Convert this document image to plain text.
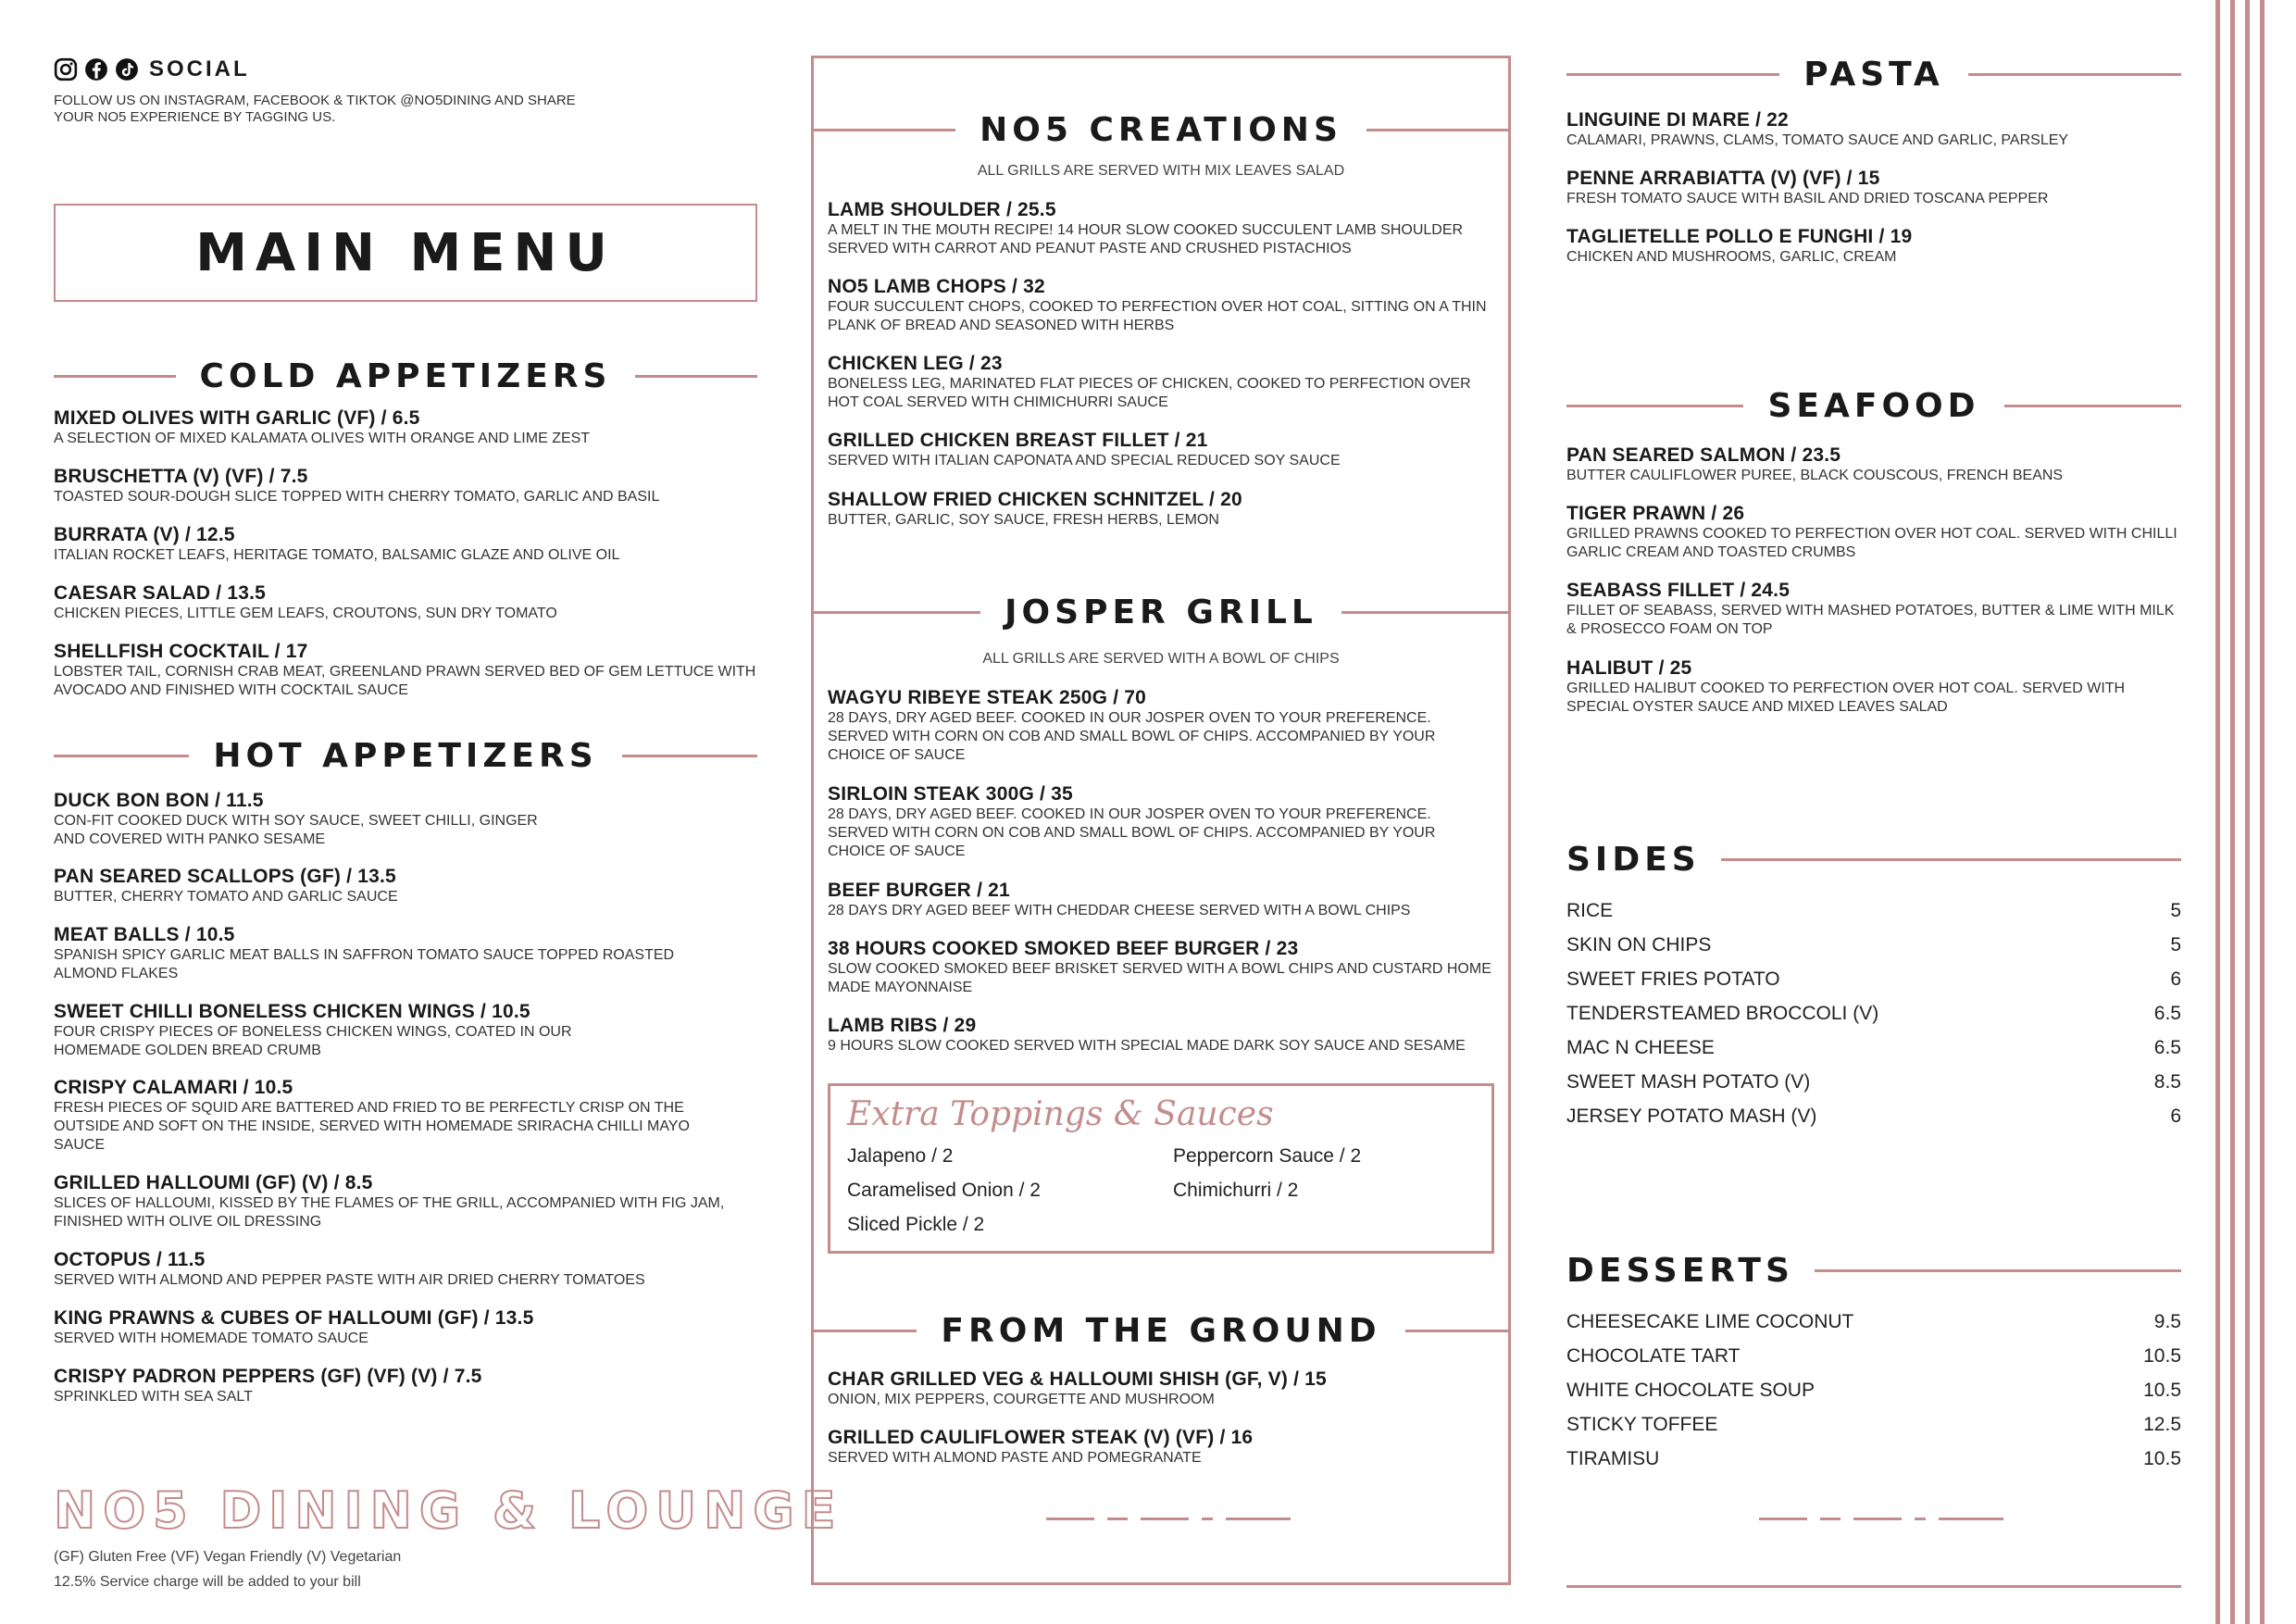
SOCIAL
FOLLOW US ON INSTAGRAM, FACEBOOK & TIKTOK @NO5DINING AND SHARE YOUR NO5 EXPERIENCE BY TAGGING US.
MAIN MENU
COLD APPETIZERS
MIXED OLIVES WITH GARLIC (VF) / 6.5
A SELECTION OF MIXED KALAMATA OLIVES WITH ORANGE AND LIME ZEST
BRUSCHETTA (V) (VF) / 7.5
TOASTED SOUR-DOUGH SLICE TOPPED WITH CHERRY TOMATO, GARLIC AND BASIL
BURRATA (V) / 12.5
ITALIAN ROCKET LEAFS, HERITAGE TOMATO, BALSAMIC GLAZE AND OLIVE OIL
CAESAR SALAD / 13.5
CHICKEN PIECES, LITTLE GEM LEAFS, CROUTONS, SUN DRY TOMATO
SHELLFISH COCKTAIL / 17
LOBSTER TAIL, CORNISH CRAB MEAT, GREENLAND PRAWN SERVED BED OF GEM LETTUCE WITH AVOCADO AND FINISHED WITH COCKTAIL SAUCE
HOT APPETIZERS
DUCK BON BON / 11.5
CON-FIT COOKED DUCK WITH SOY SAUCE, SWEET CHILLI, GINGER AND COVERED WITH PANKO SESAME
PAN SEARED SCALLOPS (GF) / 13.5
BUTTER, CHERRY TOMATO AND GARLIC SAUCE
MEAT BALLS / 10.5
SPANISH SPICY GARLIC MEAT BALLS IN SAFFRON TOMATO SAUCE TOPPED ROASTED ALMOND FLAKES
SWEET CHILLI BONELESS CHICKEN WINGS / 10.5
FOUR CRISPY PIECES OF BONELESS CHICKEN WINGS, COATED IN OUR HOMEMADE GOLDEN BREAD CRUMB
CRISPY CALAMARI / 10.5
FRESH PIECES OF SQUID ARE BATTERED AND FRIED TO BE PERFECTLY CRISP ON THE OUTSIDE AND SOFT ON THE INSIDE, SERVED WITH HOMEMADE SRIRACHA CHILLI MAYO SAUCE
GRILLED HALLOUMI (GF) (V) / 8.5
SLICES OF HALLOUMI, KISSED BY THE FLAMES OF THE GRILL, ACCOMPANIED WITH FIG JAM, FINISHED WITH OLIVE OIL DRESSING
OCTOPUS / 11.5
SERVED WITH ALMOND AND PEPPER PASTE WITH AIR DRIED CHERRY TOMATOES
KING PRAWNS & CUBES OF HALLOUMI (GF) / 13.5
SERVED WITH HOMEMADE TOMATO SAUCE
CRISPY PADRON PEPPERS (GF) (VF) (V) / 7.5
SPRINKLED WITH SEA SALT
NO5 DINING & LOUNGE
(GF) Gluten Free (VF) Vegan Friendly (V) Vegetarian
12.5% Service charge will be added to your bill
NO5 CREATIONS
ALL GRILLS ARE SERVED WITH MIX LEAVES SALAD
LAMB SHOULDER / 25.5
A MELT IN THE MOUTH RECIPE! 14 HOUR SLOW COOKED SUCCULENT LAMB SHOULDER SERVED WITH CARROT AND PEANUT PASTE AND CRUSHED PISTACHIOS
NO5 LAMB CHOPS / 32
FOUR SUCCULENT CHOPS, COOKED TO PERFECTION OVER HOT COAL, SITTING ON A THIN PLANK OF BREAD AND SEASONED WITH HERBS
CHICKEN LEG / 23
BONELESS LEG, MARINATED FLAT PIECES OF CHICKEN, COOKED TO PERFECTION OVER HOT COAL SERVED WITH CHIMICHURRI SAUCE
GRILLED CHICKEN BREAST FILLET / 21
SERVED WITH ITALIAN CAPONATA AND SPECIAL REDUCED SOY SAUCE
SHALLOW FRIED CHICKEN SCHNITZEL / 20
BUTTER, GARLIC, SOY SAUCE, FRESH HERBS, LEMON
JOSPER GRILL
ALL GRILLS ARE SERVED WITH A BOWL OF CHIPS
WAGYU RIBEYE STEAK 250G / 70
28 DAYS, DRY AGED BEEF. COOKED IN OUR JOSPER OVEN TO YOUR PREFERENCE. SERVED WITH CORN ON COB AND SMALL BOWL OF CHIPS. ACCOMPANIED BY YOUR CHOICE OF SAUCE
SIRLOIN STEAK 300G / 35
28 DAYS, DRY AGED BEEF. COOKED IN OUR JOSPER OVEN TO YOUR PREFERENCE. SERVED WITH CORN ON COB AND SMALL BOWL OF CHIPS. ACCOMPANIED BY YOUR CHOICE OF SAUCE
BEEF BURGER / 21
28 DAYS DRY AGED BEEF WITH CHEDDAR CHEESE SERVED WITH A BOWL CHIPS
38 HOURS COOKED SMOKED BEEF BURGER / 23
SLOW COOKED SMOKED BEEF BRISKET SERVED WITH A BOWL CHIPS AND CUSTARD HOME MADE MAYONNAISE
LAMB RIBS / 29
9 HOURS SLOW COOKED SERVED WITH SPECIAL MADE DARK SOY SAUCE AND SESAME
Extra Toppings & Sauces
Jalapeno / 2	Peppercorn Sauce / 2
Caramelised Onion / 2	Chimichurri / 2
Sliced Pickle / 2
FROM THE GROUND
CHAR GRILLED VEG & HALLOUMI SHISH (GF, V) / 15
ONION, MIX PEPPERS, COURGETTE AND MUSHROOM
GRILLED CAULIFLOWER STEAK (V) (VF) / 16
SERVED WITH ALMOND PASTE AND POMEGRANATE
PASTA
LINGUINE DI MARE / 22
CALAMARI, PRAWNS, CLAMS, TOMATO SAUCE AND GARLIC, PARSLEY
PENNE ARRABIATTA (V) (VF) / 15
FRESH TOMATO SAUCE WITH BASIL AND DRIED TOSCANA PEPPER
TAGLIETELLE POLLO E FUNGHI / 19
CHICKEN AND MUSHROOMS, GARLIC, CREAM
SEAFOOD
PAN SEARED SALMON / 23.5
BUTTER CAULIFLOWER PUREE, BLACK COUSCOUS, FRENCH BEANS
TIGER PRAWN / 26
GRILLED PRAWNS COOKED TO PERFECTION OVER HOT COAL. SERVED WITH CHILLI GARLIC CREAM AND TOASTED CRUMBS
SEABASS FILLET / 24.5
FILLET OF SEABASS, SERVED WITH MASHED POTATOES, BUTTER & LIME WITH MILK & PROSECCO FOAM ON TOP
HALIBUT / 25
GRILLED HALIBUT COOKED TO PERFECTION OVER HOT COAL. SERVED WITH SPECIAL OYSTER SAUCE AND MIXED LEAVES SALAD
SIDES
RICE	5
SKIN ON CHIPS	5
SWEET FRIES POTATO	6
TENDERSTEAMED BROCCOLI (V)	6.5
MAC N CHEESE	6.5
SWEET MASH POTATO (V)	8.5
JERSEY POTATO MASH (V)	6
DESSERTS
CHEESECAKE LIME COCONUT	9.5
CHOCOLATE TART	10.5
WHITE CHOCOLATE SOUP	10.5
STICKY TOFFEE	12.5
TIRAMISU	10.5
